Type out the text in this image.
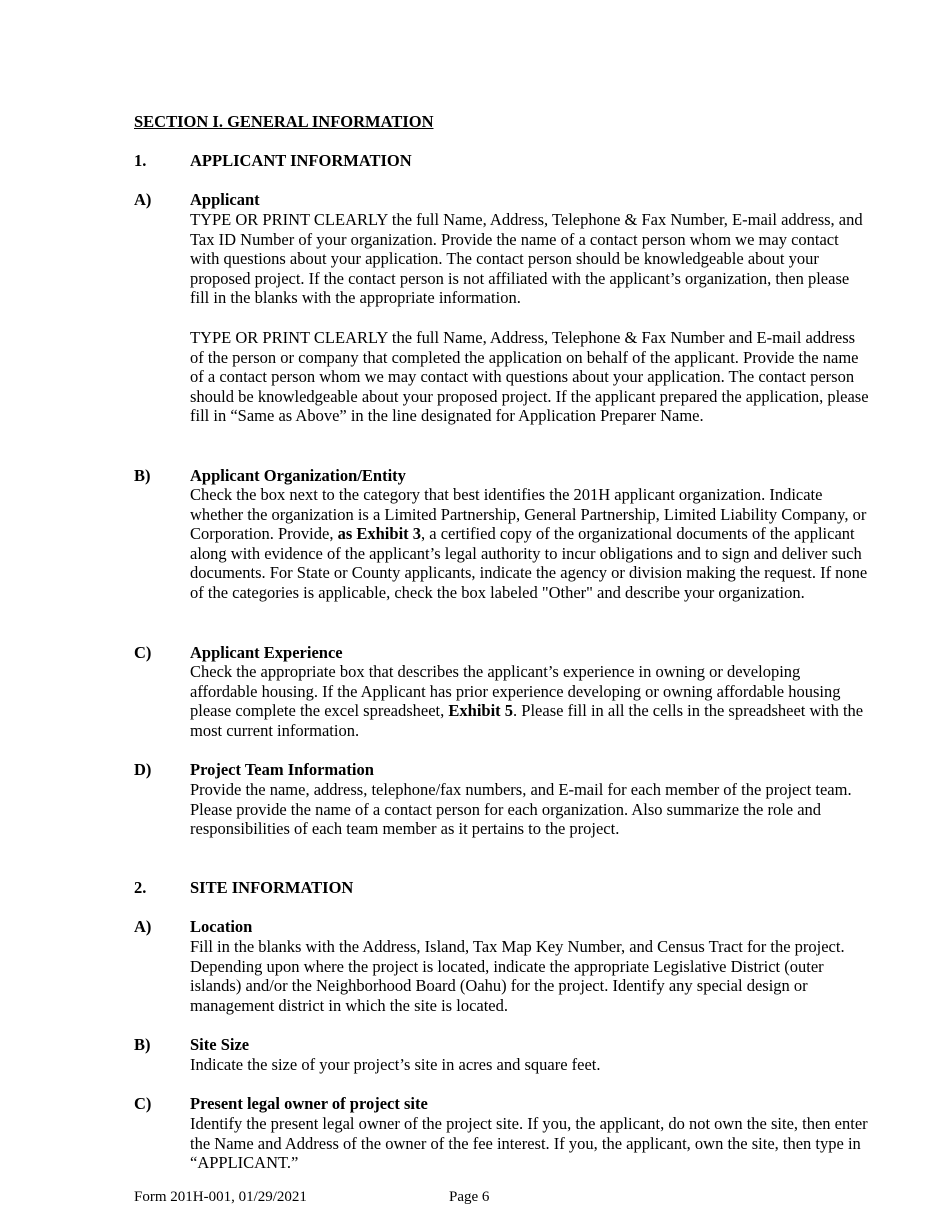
SECTION I. GENERAL INFORMATION
1.	APPLICANT INFORMATION
A) Applicant
TYPE OR PRINT CLEARLY the full Name, Address, Telephone & Fax Number, E-mail address, and Tax ID Number of your organization. Provide the name of a contact person whom we may contact with questions about your application. The contact person should be knowledgeable about your proposed project. If the contact person is not affiliated with the applicant’s organization, then please fill in the blanks with the appropriate information.
TYPE OR PRINT CLEARLY the full Name, Address, Telephone & Fax Number and E-mail address of the person or company that completed the application on behalf of the applicant. Provide the name of a contact person whom we may contact with questions about your application. The contact person should be knowledgeable about your proposed project. If the applicant prepared the application, please fill in “Same as Above” in the line designated for Application Preparer Name.
B) Applicant Organization/Entity
Check the box next to the category that best identifies the 201H applicant organization. Indicate whether the organization is a Limited Partnership, General Partnership, Limited Liability Company, or Corporation. Provide, as Exhibit 3, a certified copy of the organizational documents of the applicant along with evidence of the applicant’s legal authority to incur obligations and to sign and deliver such documents. For State or County applicants, indicate the agency or division making the request. If none of the categories is applicable, check the box labeled "Other" and describe your organization.
C) Applicant Experience
Check the appropriate box that describes the applicant’s experience in owning or developing affordable housing. If the Applicant has prior experience developing or owning affordable housing please complete the excel spreadsheet, Exhibit 5. Please fill in all the cells in the spreadsheet with the most current information.
D) Project Team Information
Provide the name, address, telephone/fax numbers, and E-mail for each member of the project team. Please provide the name of a contact person for each organization. Also summarize the role and responsibilities of each team member as it pertains to the project.
2.	SITE INFORMATION
A) Location
Fill in the blanks with the Address, Island, Tax Map Key Number, and Census Tract for the project. Depending upon where the project is located, indicate the appropriate Legislative District (outer islands) and/or the Neighborhood Board (Oahu) for the project. Identify any special design or management district in which the site is located.
B) Site Size
Indicate the size of your project’s site in acres and square feet.
C) Present legal owner of project site
Identify the present legal owner of the project site. If you, the applicant, do not own the site, then enter the Name and Address of the owner of the fee interest. If you, the applicant, own the site, then type in “APPLICANT.”
Form 201H-001, 01/29/2021	Page 6
